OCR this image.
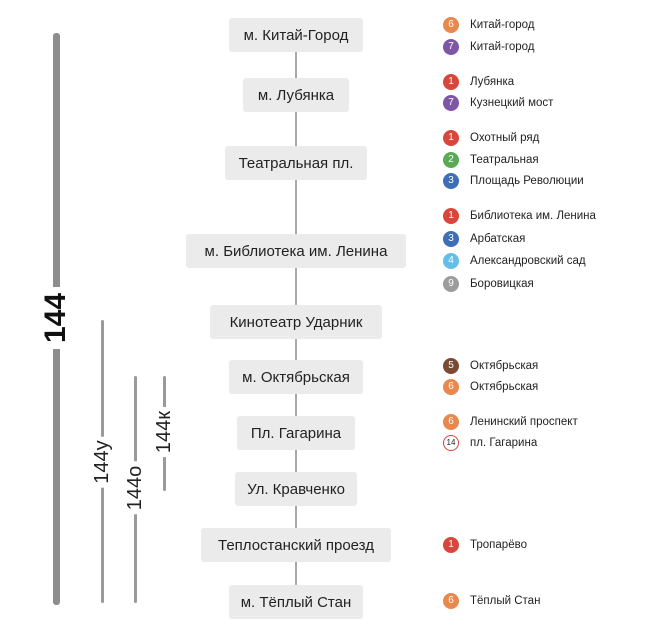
144
144у
144о
144к
м. Китай-Город
м. Лубянка
Театральная пл.
м. Библиотека им. Ленина
Кинотеатр Ударник
м. Октябрьская
Пл. Гагарина
Ул. Кравченко
Теплостанский проезд
м. Тёплый Стан
6	Китай-город
7	Китай-город
1	Лубянка
7	Кузнецкий мост
1	Охотный ряд
2	Театральная
3	Площадь Революции
1	Библиотека им. Ленина
3	Арбатская
4	Александровский сад
9	Боровицкая
5	Октябрьская
6	Октябрьская
6	Ленинский проспект
14	пл. Гагарина
1	Тропарёво
6	Тёплый Стан
